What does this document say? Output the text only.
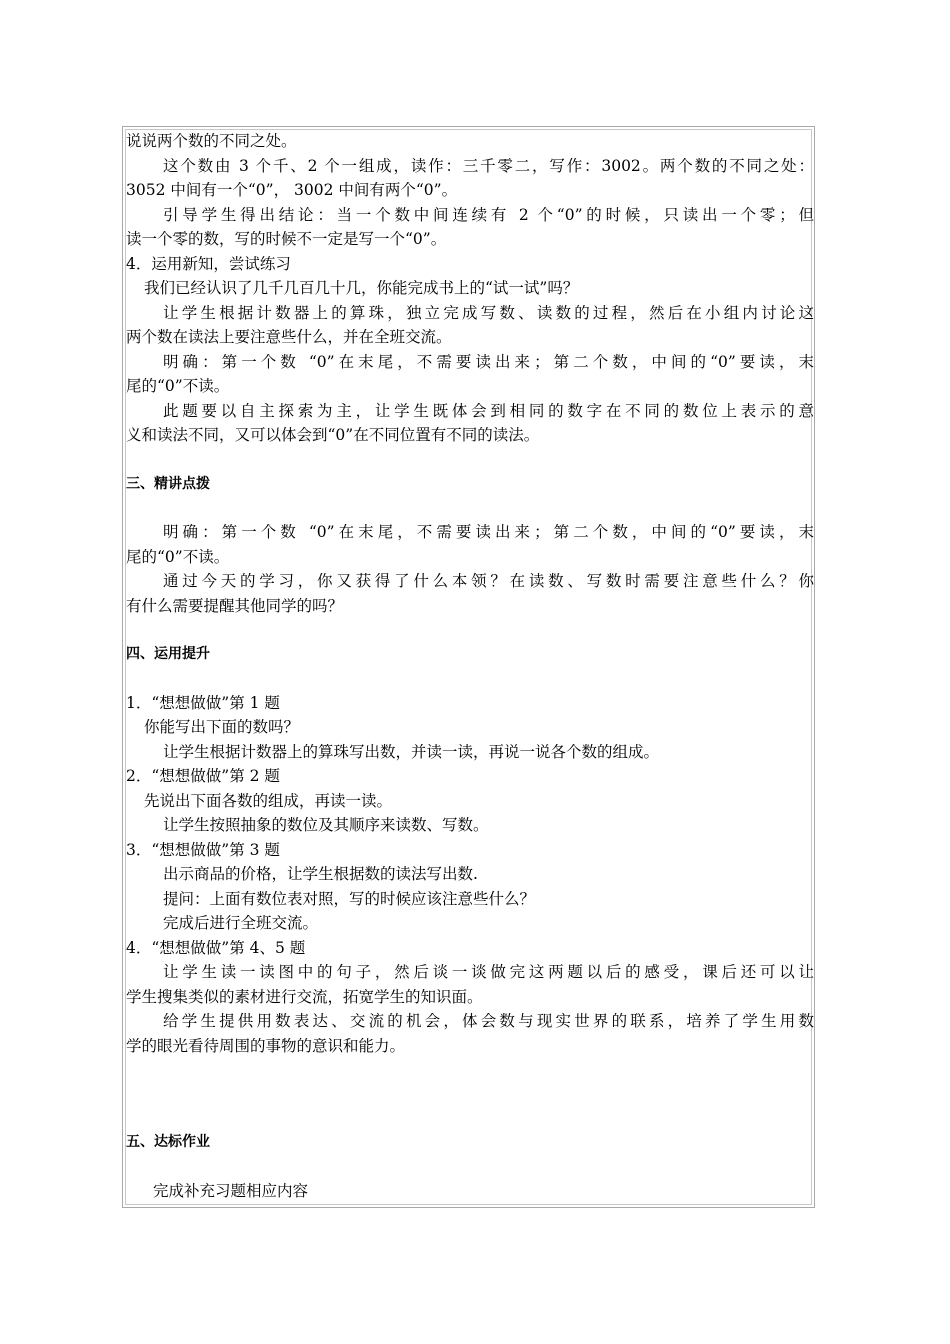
说说两个数的不同之处。
这个数由 3 个千、2 个一组成，读作：三千零二，写作：3002。两个数的不同之处：
3052 中间有一个“0”， 3002 中间有两个“0”。
引导学生得出结论：当一个数中间连续有 2 个“0”的时候，只读出一个零；但
读一个零的数，写的时候不一定是写一个“0”。
4．运用新知，尝试练习
我们已经认识了几千几百几十几，你能完成书上的“试一试”吗？
让学生根据计数器上的算珠，独立完成写数、读数的过程，然后在小组内讨论这
两个数在读法上要注意些什么，并在全班交流。
明确：第一个数 “0”在末尾，不需要读出来；第二个数，中间的“0”要读，末
尾的“0”不读。
此题要以自主探索为主，让学生既体会到相同的数字在不同的数位上表示的意
义和读法不同，又可以体会到“0”在不同位置有不同的读法。
三、精讲点拨
明确：第一个数 “0”在末尾，不需要读出来；第二个数，中间的“0”要读，末
尾的“0”不读。
通过今天的学习，你又获得了什么本领？在读数、写数时需要注意些什么？你
有什么需要提醒其他同学的吗？
四、运用提升
1．“想想做做”第 1 题
你能写出下面的数吗？
让学生根据计数器上的算珠写出数，并读一读，再说一说各个数的组成。
2．“想想做做”第 2 题
先说出下面各数的组成，再读一读。
让学生按照抽象的数位及其顺序来读数、写数。
3．“想想做做”第 3 题
出示商品的价格，让学生根据数的读法写出数.
提问：上面有数位表对照，写的时候应该注意些什么？
完成后进行全班交流。
4．“想想做做”第 4、5 题
让学生读一读图中的句子，然后谈一谈做完这两题以后的感受，课后还可以让
学生搜集类似的素材进行交流，拓宽学生的知识面。
给学生提供用数表达、交流的机会，体会数与现实世界的联系，培养了学生用数
学的眼光看待周围的事物的意识和能力。
五、达标作业
完成补充习题相应内容
